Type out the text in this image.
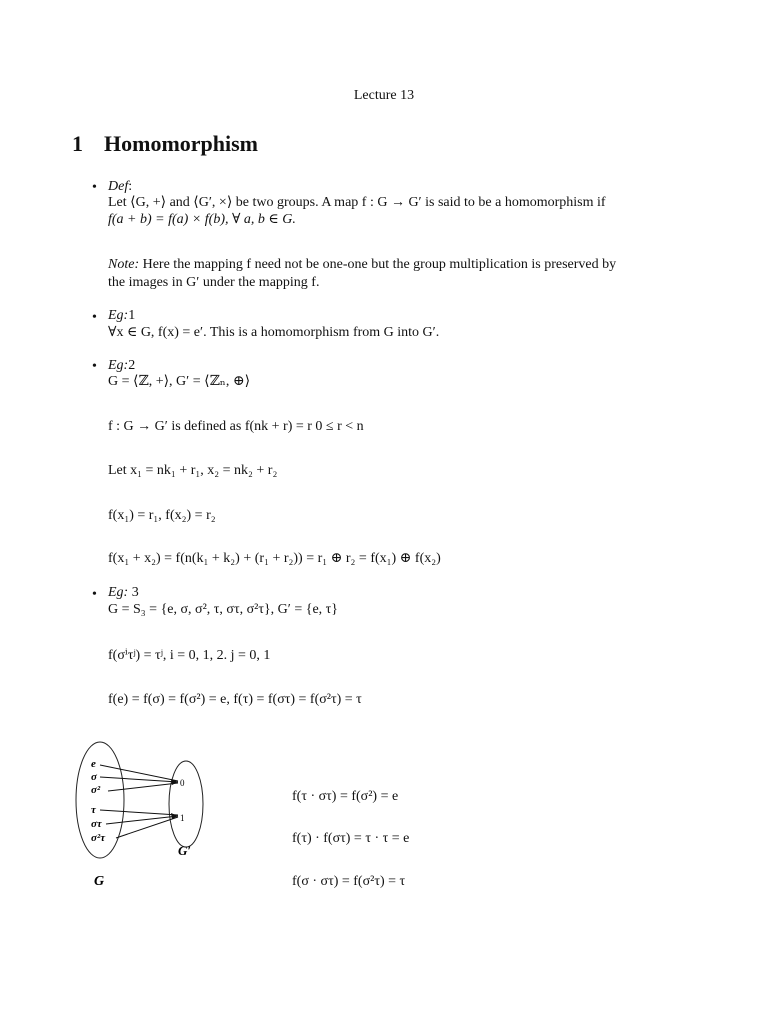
Lecture 13
1 Homomorphism
• Def:
Let ⟨G, +⟩ and ⟨G′, ×⟩ be two groups. A map f : G → G′ is said to be a homomorphism if
f(a + b) = f(a) × f(b), ∀ a, b ∈ G.
Note: Here the mapping f need not be one-one but the group multiplication is preserved by
the images in G′ under the mapping f.
• Eg:1
∀x ∈ G, f(x) = e′. This is a homomorphism from G into G′.
• Eg:2
G = ⟨ℤ, +⟩, G′ = ⟨ℤₙ, ⊕⟩
f : G → G′ is defined as f(nk + r) = r 0 ≤ r < n
Let x₁ = nk₁ + r₁, x₂ = nk₂ + r₂
f(x₁) = r₁, f(x₂) = r₂
f(x₁ + x₂) = f(n(k₁ + k₂) + (r₁ + r₂)) = r₁ ⊕ r₂ = f(x₁) ⊕ f(x₂)
• Eg: 3
G = S₃ = {e, σ, σ², τ, στ, σ²τ}, G′ = {e, τ}
f(σⁱτʲ) = τʲ, i = 0, 1, 2. j = 0, 1
f(e) = f(σ) = f(σ²) = e, f(τ) = f(στ) = f(σ²τ) = τ
e
σ
σ²
τ
στ
σ²τ
0
1
G′
G
f(τ · στ) = f(σ²) = e
f(τ) · f(στ) = τ · τ = e
f(σ · στ) = f(σ²τ) = τ
